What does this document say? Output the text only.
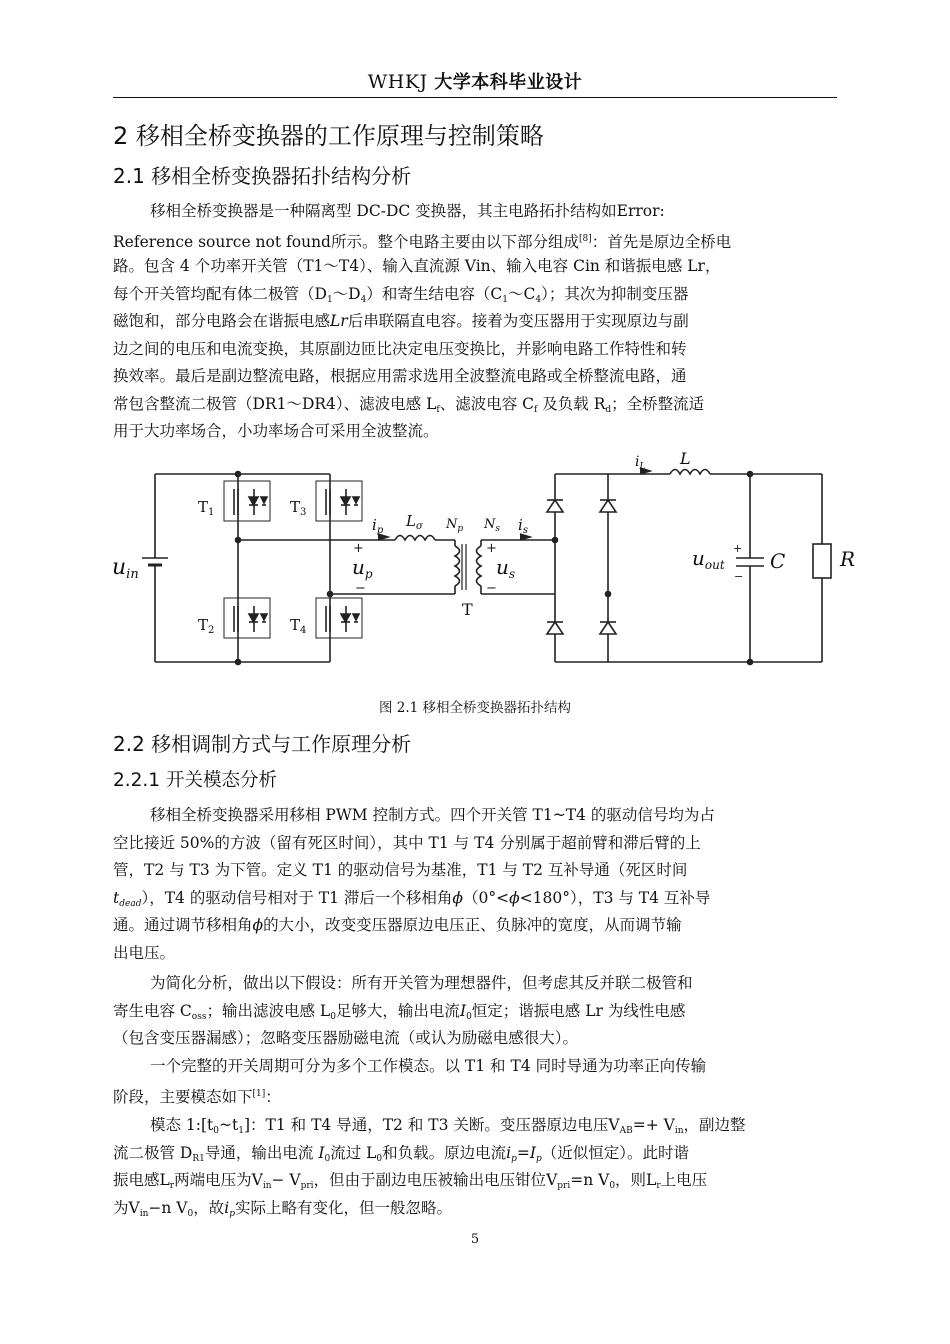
WHKJ 大学本科毕业设计
2 移相全桥变换器的工作原理与控制策略
2.1 移相全桥变换器拓扑结构分析
移相全桥变换器是一种隔离型 DC-DC 变换器，其主电路拓扑结构如Error:
Reference source not found所示。整个电路主要由以下部分组成[8]：首先是原边全桥电
路。包含 4 个功率开关管（T1～T4）、输入直流源 Vin、输入电容 Cin 和谐振电感 Lr，
每个开关管均配有体二极管$(D_1\sim D_4)$和寄生结电容$(C_1\sim C_4)$；其次为抑制变压器
磁饱和，部分电路会在谐振电感Lr后串联隔直电容。接着为变压器用于实现原边与副
边之间的电压和电流变换，其原副边匝比决定电压变换比，并影响电路工作特性和转
换效率。最后是副边整流电路，根据应用需求选用全波整流电路或全桥整流电路，通
常包含整流二极管（DR1～DR4）、滤波电感 $L_f$、滤波电容 $C_f$ 及负载 $R_d$；全桥整流适
用于大功率场合，小功率场合可采用全波整流。
$T_1$	$T_3$
$T_2$	$T_4$
uin
$i_p$
$L_\sigma$ $N_p$ $N_s$ $i_s$
+
$u_p$
−
+
$u_s$
−
T
$i_L$ L
+
$u_{out}$
−
C	R
图 2.1 移相全桥变换器拓扑结构
2.2 移相调制方式与工作原理分析
2.2.1 开关模态分析
移相全桥变换器采用移相 PWM 控制方式。四个开关管 T1~T4 的驱动信号均为占
空比接近 50%的方波（留有死区时间），其中 T1 与 T4 分别属于超前臂和滞后臂的上
管，T2 与 T3 为下管。定义 T1 的驱动信号为基准，T1 与 T2 互补导通（死区时间
$t_{dead}$），T4 的驱动信号相对于 T1 滞后一个移相角ϕ（0°<ϕ<180°），T3 与 T4 互补导
通。通过调节移相角ϕ的大小，改变变压器原边电压正、负脉冲的宽度，从而调节输
出电压。
为简化分析，做出以下假设：所有开关管为理想器件，但考虑其反并联二极管和
寄生电容 $C_{oss}$；输出滤波电感 $L_0$足够大，输出电流$I_0$恒定；谐振电感 Lr 为线性电感
（包含变压器漏感）；忽略变压器励磁电流（或认为励磁电感很大）。
一个完整的开关周期可分为多个工作模态。以 T1 和 T4 同时导通为功率正向传输
阶段，主要模态如下[1]：
模态 $1:[t_0\sim t_1]$：T1 和 T4 导通，T2 和 T3 关断。变压器原边电压$V_{AB}=+ V_{in}$，副边整
流二极管 $D_{R1}$导通，输出电流 $I_0$流过 $L_0$和负载。原边电流$i_p=I_p$（近似恒定）。此时谐
振电感$L_r$两端电压为$V_{in}- V_{pri}$，但由于副边电压被输出电压钳位$V_{pri}=n$ $V_0$，则$L_r$上电压
为$V_{in}-n$ $V_0$，故$i_p$实际上略有变化，但一般忽略。
5
